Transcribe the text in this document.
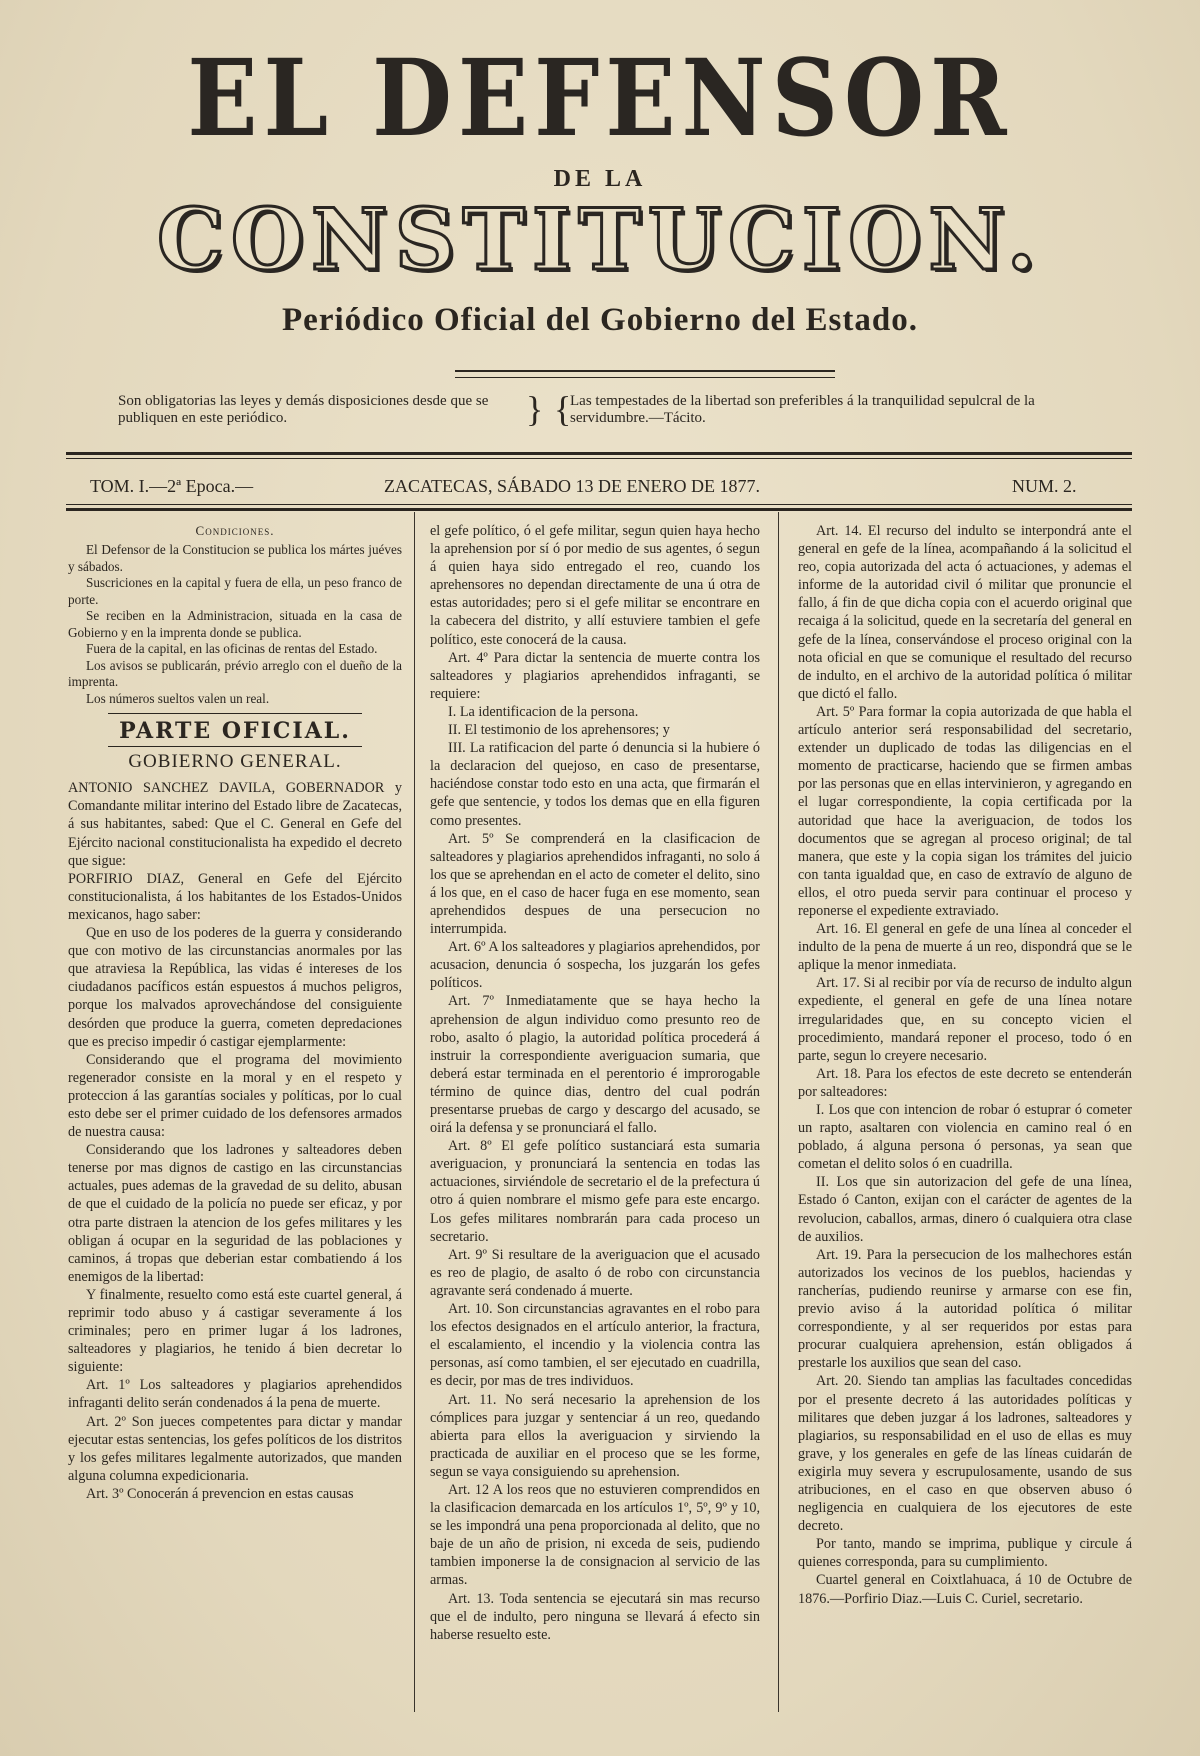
EL DEFENSOR
DE LA
CONSTITUCION.
Periódico Oficial del Gobierno del Estado.
Son obligatorias las leyes y demás disposiciones desde que se publiquen en este periódico.	} {
Las tempestades de la libertad son preferibles á la tranquilidad sepulcral de la servidumbre.—Tácito.
TOM. I.—2ª Epoca.—	ZACATECAS, SÁBADO 13 DE ENERO DE 1877.	NUM. 2.
Condiciones.

El Defensor de la Constitucion se publica los mártes juéves y sábados.

Suscriciones en la capital y fuera de ella, un peso franco de porte.

Se reciben en la Administracion, situada en la casa de Gobierno y en la imprenta donde se publica.

Fuera de la capital, en las oficinas de rentas del Estado.

Los avisos se publicarán, prévio arreglo con el dueño de la imprenta.

Los números sueltos valen un real.

PARTE OFICIAL.
GOBIERNO GENERAL.

ANTONIO SANCHEZ DAVILA, GOBERNADOR y Comandante militar interino del Estado libre de Zacatecas, á sus habitantes, sabed: Que el C. General en Gefe del Ejército nacional constitucionalista ha expedido el decreto que sigue:

PORFIRIO DIAZ, General en Gefe del Ejército constitucionalista, á los habitantes de los Estados-Unidos mexicanos, hago saber:

Que en uso de los poderes de la guerra y considerando que con motivo de las circunstancias anormales por las que atraviesa la República, las vidas é intereses de los ciudadanos pacíficos están espuestos á muchos peligros, porque los malvados aprovechándose del consiguiente desórden que produce la guerra, cometen depredaciones que es preciso impedir ó castigar ejemplarmente:

Considerando que el programa del movimiento regenerador consiste en la moral y en el respeto y proteccion á las garantías sociales y políticas, por lo cual esto debe ser el primer cuidado de los defensores armados de nuestra causa:

Considerando que los ladrones y salteadores deben tenerse por mas dignos de castigo en las circunstancias actuales, pues ademas de la gravedad de su delito, abusan de que el cuidado de la policía no puede ser eficaz, y por otra parte distraen la atencion de los gefes militares y les obligan á ocupar en la seguridad de las poblaciones y caminos, á tropas que deberian estar combatiendo á los enemigos de la libertad:

Y finalmente, resuelto como está este cuartel general, á reprimir todo abuso y á castigar severamente á los criminales; pero en primer lugar á los ladrones, salteadores y plagiarios, he tenido á bien decretar lo siguiente:

Art. 1º Los salteadores y plagiarios aprehendidos infraganti delito serán condenados á la pena de muerte.

Art. 2º Son jueces competentes para dictar y mandar ejecutar estas sentencias, los gefes políticos de los distritos y los gefes militares legalmente autorizados, que manden alguna columna expedicionaria.

Art. 3º Conocerán á prevencion en estas causas

el gefe político, ó el gefe militar, segun quien haya hecho la aprehension por sí ó por medio de sus agentes, ó segun á quien haya sido entregado el reo, cuando los aprehensores no dependan directamente de una ú otra de estas autoridades; pero si el gefe militar se encontrare en la cabecera del distrito, y allí estuviere tambien el gefe político, este conocerá de la causa.

Art. 4º Para dictar la sentencia de muerte contra los salteadores y plagiarios aprehendidos infraganti, se requiere:

I. La identificacion de la persona.

II. El testimonio de los aprehensores; y

III. La ratificacion del parte ó denuncia si la hubiere ó la declaracion del quejoso, en caso de presentarse, haciéndose constar todo esto en una acta, que firmarán el gefe que sentencie, y todos los demas que en ella figuren como presentes.

Art. 5º Se comprenderá en la clasificacion de salteadores y plagiarios aprehendidos infraganti, no solo á los que se aprehendan en el acto de cometer el delito, sino á los que, en el caso de hacer fuga en ese momento, sean aprehendidos despues de una persecucion no interrumpida.

Art. 6º A los salteadores y plagiarios aprehendidos, por acusacion, denuncia ó sospecha, los juzgarán los gefes políticos.

Art. 7º Inmediatamente que se haya hecho la aprehension de algun individuo como presunto reo de robo, asalto ó plagio, la autoridad política procederá á instruir la correspondiente averiguacion sumaria, que deberá estar terminada en el perentorio é improrogable término de quince dias, dentro del cual podrán presentarse pruebas de cargo y descargo del acusado, se oirá la defensa y se pronunciará el fallo.

Art. 8º El gefe político sustanciará esta sumaria averiguacion, y pronunciará la sentencia en todas las actuaciones, sirviéndole de secretario el de la prefectura ú otro á quien nombrare el mismo gefe para este encargo. Los gefes militares nombrarán para cada proceso un secretario.

Art. 9º Si resultare de la averiguacion que el acusado es reo de plagio, de asalto ó de robo con circunstancia agravante será condenado á muerte.

Art. 10. Son circunstancias agravantes en el robo para los efectos designados en el artículo anterior, la fractura, el escalamiento, el incendio y la violencia contra las personas, así como tambien, el ser ejecutado en cuadrilla, es decir, por mas de tres individuos.

Art. 11. No será necesario la aprehension de los cómplices para juzgar y sentenciar á un reo, quedando abierta para ellos la averiguacion y sirviendo la practicada de auxiliar en el proceso que se les forme, segun se vaya consiguiendo su aprehension.

Art. 12 A los reos que no estuvieren comprendidos en la clasificacion demarcada en los artículos 1º, 5º, 9º y 10, se les impondrá una pena proporcionada al delito, que no baje de un año de prision, ni exceda de seis, pudiendo tambien imponerse la de consignacion al servicio de las armas.

Art. 13. Toda sentencia se ejecutará sin mas recurso que el de indulto, pero ninguna se llevará á efecto sin haberse resuelto este.

Art. 14. El recurso del indulto se interpondrá ante el general en gefe de la línea, acompañando á la solicitud el reo, copia autorizada del acta ó actuaciones, y ademas el informe de la autoridad civil ó militar que pronuncie el fallo, á fin de que dicha copia con el acuerdo original que recaiga á la solicitud, quede en la secretaría del general en gefe de la línea, conservándose el proceso original con la nota oficial en que se comunique el resultado del recurso de indulto, en el archivo de la autoridad política ó militar que dictó el fallo.

Art. 5º Para formar la copia autorizada de que habla el artículo anterior será responsabilidad del secretario, extender un duplicado de todas las diligencias en el momento de practicarse, haciendo que se firmen ambas por las personas que en ellas intervinieron, y agregando en el lugar correspondiente, la copia certificada por la autoridad que hace la averiguacion, de todos los documentos que se agregan al proceso original; de tal manera, que este y la copia sigan los trámites del juicio con tanta igualdad que, en caso de extravío de alguno de ellos, el otro pueda servir para continuar el proceso y reponerse el expediente extraviado.

Art. 16. El general en gefe de una línea al conceder el indulto de la pena de muerte á un reo, dispondrá que se le aplique la menor inmediata.

Art. 17. Si al recibir por vía de recurso de indulto algun expediente, el general en gefe de una línea notare irregularidades que, en su concepto vicien el procedimiento, mandará reponer el proceso, todo ó en parte, segun lo creyere necesario.

Art. 18. Para los efectos de este decreto se entenderán por salteadores:

I. Los que con intencion de robar ó estuprar ó cometer un rapto, asaltaren con violencia en camino real ó en poblado, á alguna persona ó personas, ya sean que cometan el delito solos ó en cuadrilla.

II. Los que sin autorizacion del gefe de una línea, Estado ó Canton, exijan con el carácter de agentes de la revolucion, caballos, armas, dinero ó cualquiera otra clase de auxilios.

Art. 19. Para la persecucion de los malhechores están autorizados los vecinos de los pueblos, haciendas y rancherías, pudiendo reunirse y armarse con ese fin, previo aviso á la autoridad política ó militar correspondiente, y al ser requeridos por estas para procurar cualquiera aprehension, están obligados á prestarle los auxilios que sean del caso.

Art. 20. Siendo tan amplias las facultades concedidas por el presente decreto á las autoridades políticas y militares que deben juzgar á los ladrones, salteadores y plagiarios, su responsabilidad en el uso de ellas es muy grave, y los generales en gefe de las líneas cuidarán de exigirla muy severa y escrupulosamente, usando de sus atribuciones, en el caso en que observen abuso ó negligencia en cualquiera de los ejecutores de este decreto.

Por tanto, mando se imprima, publique y circule á quienes corresponda, para su cumplimiento.

Cuartel general en Coixtlahuaca, á 10 de Octubre de 1876.—Porfirio Diaz.—Luis C. Curiel, secretario.
